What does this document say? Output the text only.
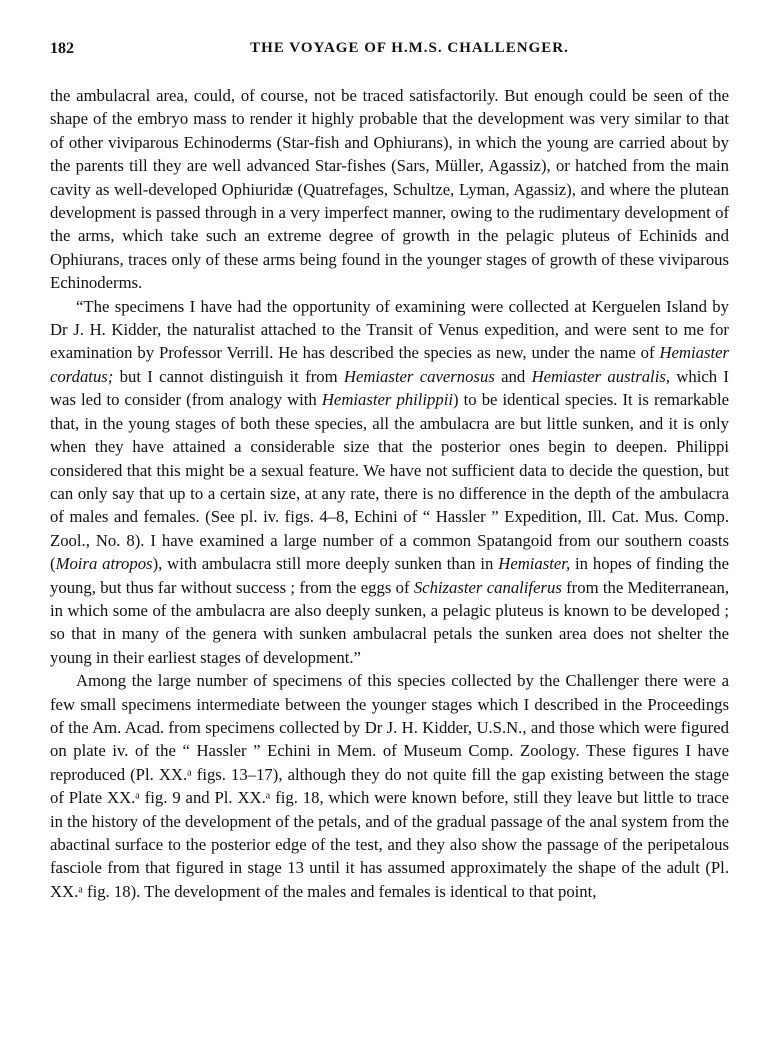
182	THE VOYAGE OF H.M.S. CHALLENGER.

the ambulacral area, could, of course, not be traced satisfactorily. But enough could be seen of the shape of the embryo mass to render it highly probable that the development was very similar to that of other viviparous Echinoderms (Star-fish and Ophiurans), in which the young are carried about by the parents till they are well advanced Star-fishes (Sars, Müller, Agassiz), or hatched from the main cavity as well-developed Ophiuridæ (Quatrefages, Schultze, Lyman, Agassiz), and where the plutean development is passed through in a very imperfect manner, owing to the rudimentary development of the arms, which take such an extreme degree of growth in the pelagic pluteus of Echinids and Ophiurans, traces only of these arms being found in the younger stages of growth of these viviparous Echinoderms.

“The specimens I have had the opportunity of examining were collected at Kerguelen Island by Dr J. H. Kidder, the naturalist attached to the Transit of Venus expedition, and were sent to me for examination by Professor Verrill. He has described the species as new, under the name of Hemiaster cordatus; but I cannot distinguish it from Hemiaster cavernosus and Hemiaster australis, which I was led to consider (from analogy with Hemiaster philippii) to be identical species. It is remarkable that, in the young stages of both these species, all the ambulacra are but little sunken, and it is only when they have attained a considerable size that the posterior ones begin to deepen. Philippi considered that this might be a sexual feature. We have not sufficient data to decide the question, but can only say that up to a certain size, at any rate, there is no difference in the depth of the ambulacra of males and females. (See pl. iv. figs. 4–8, Echini of “ Hassler ” Expedition, Ill. Cat. Mus. Comp. Zool., No. 8). I have examined a large number of a common Spatangoid from our southern coasts (Moira atropos), with ambulacra still more deeply sunken than in Hemiaster, in hopes of finding the young, but thus far without success ; from the eggs of Schizaster canaliferus from the Mediterranean, in which some of the ambulacra are also deeply sunken, a pelagic pluteus is known to be developed ; so that in many of the genera with sunken ambulacral petals the sunken area does not shelter the young in their earliest stages of development.”

Among the large number of specimens of this species collected by the Challenger there were a few small specimens intermediate between the younger stages which I described in the Proceedings of the Am. Acad. from specimens collected by Dr J. H. Kidder, U.S.N., and those which were figured on plate iv. of the “ Hassler ” Echini in Mem. of Museum Comp. Zoology. These figures I have reproduced (Pl. XX.ᵃ figs. 13–17), although they do not quite fill the gap existing between the stage of Plate XX.ᵃ fig. 9 and Pl. XX.ᵃ fig. 18, which were known before, still they leave but little to trace in the history of the development of the petals, and of the gradual passage of the anal system from the abactinal surface to the posterior edge of the test, and they also show the passage of the peripetalous fasciole from that figured in stage 13 until it has assumed approximately the shape of the adult (Pl. XX.ᵃ fig. 18). The development of the males and females is identical to that point,
